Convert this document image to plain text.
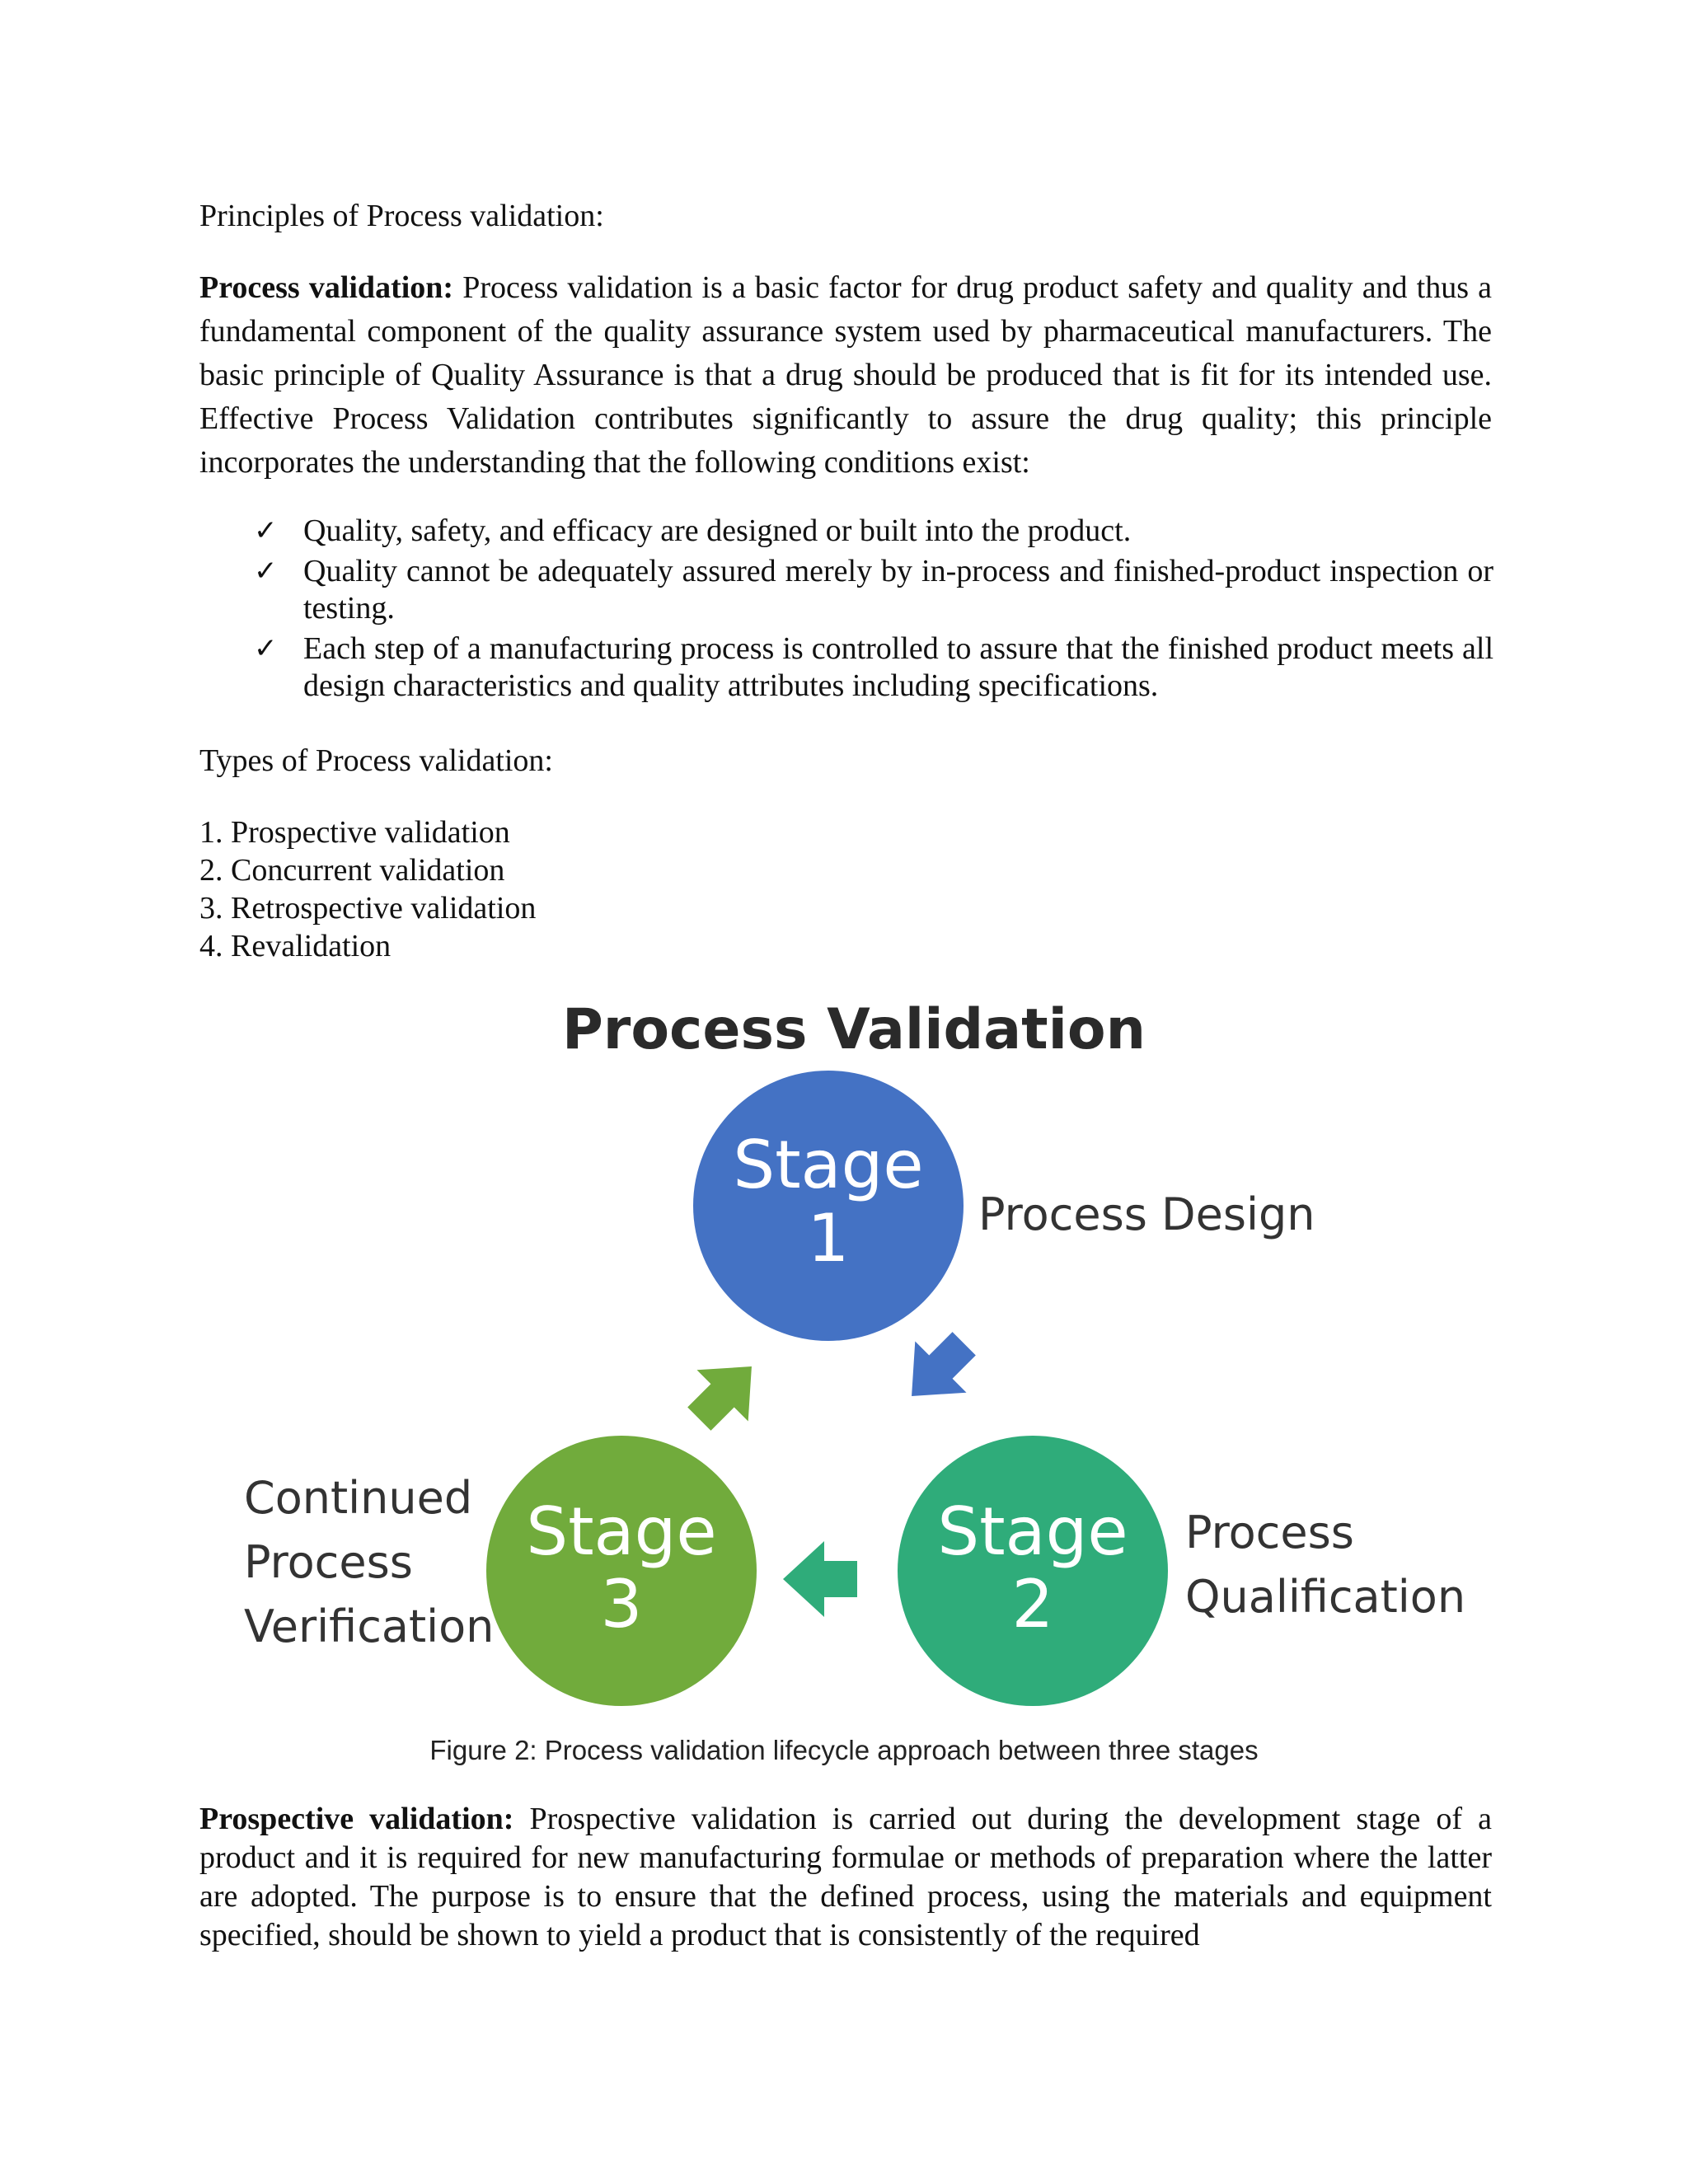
Principles of Process validation:

Process validation: Process validation is a basic factor for drug product safety and quality and thus a fundamental component of the quality assurance system used by pharmaceutical manufacturers. The basic principle of Quality Assurance is that a drug should be produced that is fit for its intended use. Effective Process Validation contributes significantly to assure the drug quality; this principle incorporates the understanding that the following conditions exist:

✓ Quality, safety, and efficacy are designed or built into the product.
✓ Quality cannot be adequately assured merely by in-process and finished-product inspection or testing.
✓ Each step of a manufacturing process is controlled to assure that the finished product meets all design characteristics and quality attributes including specifications.

Types of Process validation:

1. Prospective validation
2. Concurrent validation
3. Retrospective validation
4. Revalidation
Process Validation
Stage
1	Process Design
Stage
2
Process
Qualification
Stage
3
Continued
Process
Verification
Figure 2: Process validation lifecycle approach between three stages

Prospective validation: Prospective validation is carried out during the development stage of a product and it is required for new manufacturing formulae or methods of preparation where the latter are adopted. The purpose is to ensure that the defined process, using the materials and equipment specified, should be shown to yield a product that is consistently of the required
